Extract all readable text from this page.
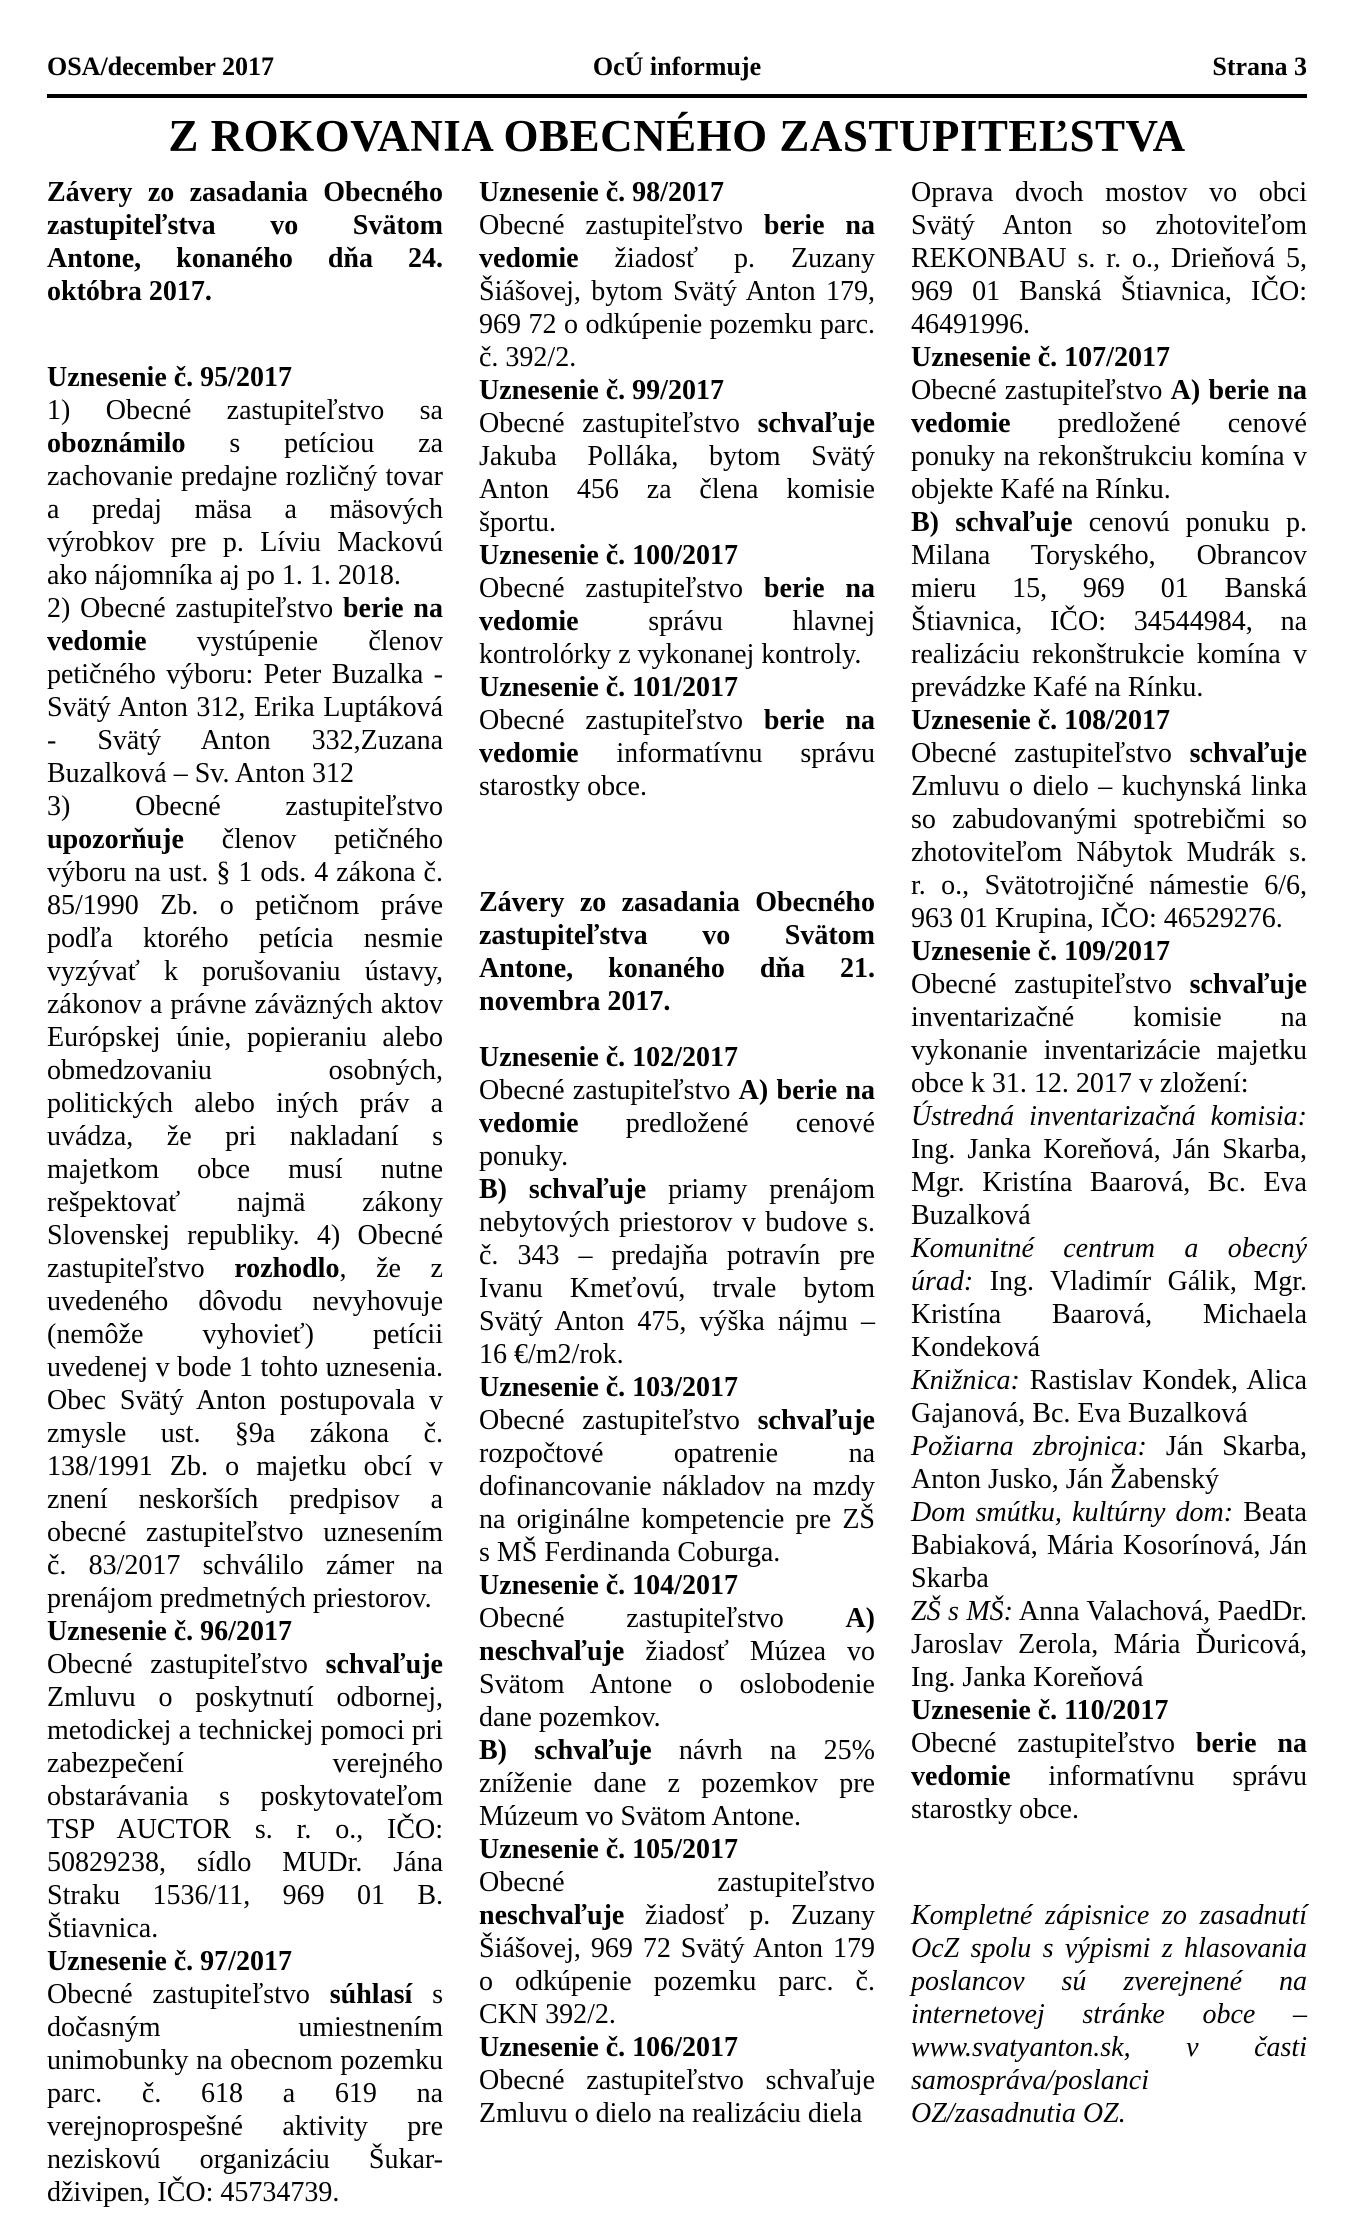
OcÚ informuje
OSA/december 2017	Strana 3
Z ROKOVANIA OBECNÉHO ZASTUPITEĽSTVA

Závery zo zasadania Obecného zastupiteľstva vo Svätom Antone, konaného dňa 24. októbra 2017.

Uznesenie č. 95/2017

1) Obecné zastupiteľstvo sa oboznámilo s petíciou za zachovanie predajne rozličný tovar a predaj mäsa a mäsových výrobkov pre p. Líviu Mackovú ako nájomníka aj po 1. 1. 2018.

2) Obecné zastupiteľstvo berie na vedomie vystúpenie členov petičného výboru: Peter Buzalka - Svätý Anton 312, Erika Luptáková - Svätý Anton 332,Zuzana Buzalková – Sv. Anton 312

3) Obecné zastupiteľstvo upozorňuje členov petičného výboru na ust. § 1 ods. 4 zákona č. 85/1990 Zb. o petičnom práve podľa ktorého petícia nesmie vyzývať k porušovaniu ústavy, zákonov a právne záväzných aktov Európskej únie, popieraniu alebo obmedzovaniu osobných, politických alebo iných práv a uvádza, že pri nakladaní s majetkom obce musí nutne rešpektovať najmä zákony Slovenskej republiky. 4) Obecné zastupiteľstvo rozhodlo, že z uvedeného dôvodu nevyhovuje (nemôže vyhovieť) petícii uvedenej v bode 1 tohto uznesenia. Obec Svätý Anton postupovala v zmysle ust. §9a zákona č. 138/1991 Zb. o majetku obcí v znení neskorších predpisov a obecné zastupiteľstvo uznesením č. 83/2017 schválilo zámer na prenájom predmetných priestorov.

Uznesenie č. 96/2017

Obecné zastupiteľstvo schvaľuje Zmluvu o poskytnutí odbornej, metodickej a technickej pomoci pri zabezpečení verejného obstarávania s poskytovateľom TSP AUCTOR s. r. o., IČO: 50829238, sídlo MUDr. Jána Straku 1536/11, 969 01 B. Štiavnica.

Uznesenie č. 97/2017

Obecné zastupiteľstvo súhlasí s dočasným umiestnením unimobunky na obecnom pozemku parc. č. 618 a 619 na verejnoprospešné aktivity pre neziskovú organizáciu Šukar-dživipen, IČO: 45734739.

Uznesenie č. 98/2017

Obecné zastupiteľstvo berie na vedomie žiadosť p. Zuzany Šiášovej, bytom Svätý Anton 179, 969 72 o odkúpenie pozemku parc. č. 392/2.

Uznesenie č. 99/2017

Obecné zastupiteľstvo schvaľuje Jakuba Polláka, bytom Svätý Anton 456 za člena komisie športu.

Uznesenie č. 100/2017

Obecné zastupiteľstvo berie na vedomie správu hlavnej kontrolórky z vykonanej kontroly.

Uznesenie č. 101/2017

Obecné zastupiteľstvo berie na vedomie informatívnu správu starostky obce.

Závery zo zasadania Obecného zastupiteľstva vo Svätom Antone, konaného dňa 21. novembra 2017.

Uznesenie č. 102/2017

Obecné zastupiteľstvo A) berie na vedomie predložené cenové ponuky.

B) schvaľuje priamy prenájom nebytových priestorov v budove s. č. 343 – predajňa potravín pre Ivanu Kmeťovú, trvale bytom Svätý Anton 475, výška nájmu – 16 €/m2/rok.

Uznesenie č. 103/2017

Obecné zastupiteľstvo schvaľuje rozpočtové opatrenie na dofinancovanie nákladov na mzdy na originálne kompetencie pre ZŠ s MŠ Ferdinanda Coburga.

Uznesenie č. 104/2017

Obecné zastupiteľstvo A) neschvaľuje žiadosť Múzea vo Svätom Antone o oslobodenie dane pozemkov.

B) schvaľuje návrh na 25% zníženie dane z pozemkov pre Múzeum vo Svätom Antone.

Uznesenie č. 105/2017

Obecné zastupiteľstvo neschvaľuje žiadosť p. Zuzany Šiášovej, 969 72 Svätý Anton 179 o odkúpenie pozemku parc. č. CKN 392/2.

Uznesenie č. 106/2017

Obecné zastupiteľstvo schvaľuje Zmluvu o dielo na realizáciu diela

Oprava dvoch mostov vo obci Svätý Anton so zhotoviteľom REKONBAU s. r. o., Drieňová 5, 969 01 Banská Štiavnica, IČO: 46491996.

Uznesenie č. 107/2017

Obecné zastupiteľstvo A) berie na vedomie predložené cenové ponuky na rekonštrukciu komína v objekte Kafé na Rínku.

B) schvaľuje cenovú ponuku p. Milana Toryského, Obrancov mieru 15, 969 01 Banská Štiavnica, IČO: 34544984, na realizáciu rekonštrukcie komína v prevádzke Kafé na Rínku.

Uznesenie č. 108/2017

Obecné zastupiteľstvo schvaľuje Zmluvu o dielo – kuchynská linka so zabudovanými spotrebičmi so zhotoviteľom Nábytok Mudrák s. r. o., Svätotrojičné námestie 6/6, 963 01 Krupina, IČO: 46529276.

Uznesenie č. 109/2017

Obecné zastupiteľstvo schvaľuje inventarizačné komisie na vykonanie inventarizácie majetku obce k 31. 12. 2017 v zložení:

Ústredná inventarizačná komisia: Ing. Janka Koreňová, Ján Skarba, Mgr. Kristína Baarová, Bc. Eva Buzalková

Komunitné centrum a obecný úrad: Ing. Vladimír Gálik, Mgr. Kristína Baarová, Michaela Kondeková

Knižnica: Rastislav Kondek, Alica Gajanová, Bc. Eva Buzalková

Požiarna zbrojnica: Ján Skarba, Anton Jusko, Ján Žabenský

Dom smútku, kultúrny dom: Beata Babiaková, Mária Kosorínová, Ján Skarba

ZŠ s MŠ: Anna Valachová, PaedDr. Jaroslav Zerola, Mária Ďuricová, Ing. Janka Koreňová

Uznesenie č. 110/2017

Obecné zastupiteľstvo berie na vedomie informatívnu správu starostky obce.

Kompletné zápisnice zo zasadnutí OcZ spolu s výpismi z hlasovania poslancov sú zverejnené na internetovej stránke obce – www.svatyanton.sk, v časti samospráva/poslanci OZ/zasadnutia OZ.
